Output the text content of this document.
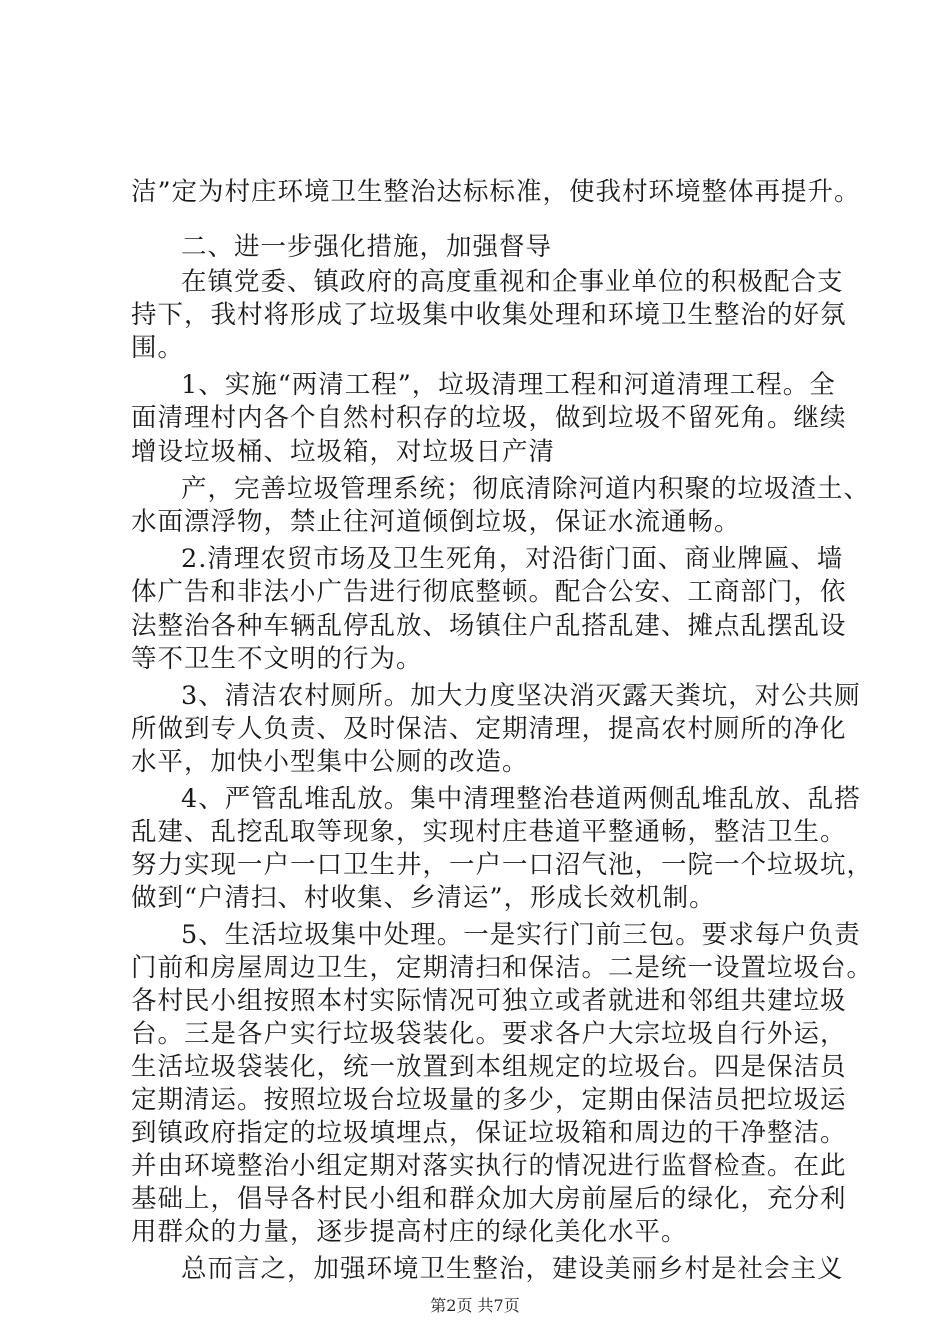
洁”定为村庄环境卫生整治达标标准，使我村环境整体再提升。

二、进一步强化措施，加强督导

在镇党委、镇政府的高度重视和企事业单位的积极配合支

持下，我村将形成了垃圾集中收集处理和环境卫生整治的好氛

围。

1、实施“两清工程”，垃圾清理工程和河道清理工程。全

面清理村内各个自然村积存的垃圾，做到垃圾不留死角。继续

增设垃圾桶、垃圾箱，对垃圾日产清

产，完善垃圾管理系统；彻底清除河道内积聚的垃圾渣土、

水面漂浮物，禁止往河道倾倒垃圾，保证水流通畅。

2.清理农贸市场及卫生死角，对沿街门面、商业牌匾、墙

体广告和非法小广告进行彻底整顿。配合公安、工商部门，依

法整治各种车辆乱停乱放、场镇住户乱搭乱建、摊点乱摆乱设

等不卫生不文明的行为。

3、清洁农村厕所。加大力度坚决消灭露天粪坑，对公共厕

所做到专人负责、及时保洁、定期清理，提高农村厕所的净化

水平，加快小型集中公厕的改造。

4、严管乱堆乱放。集中清理整治巷道两侧乱堆乱放、乱搭

乱建、乱挖乱取等现象，实现村庄巷道平整通畅，整洁卫生。

努力实现一户一口卫生井，一户一口沼气池，一院一个垃圾坑，

做到“户清扫、村收集、乡清运”，形成长效机制。

5、生活垃圾集中处理。一是实行门前三包。要求每户负责

门前和房屋周边卫生，定期清扫和保洁。二是统一设置垃圾台。

各村民小组按照本村实际情况可独立或者就进和邻组共建垃圾

台。三是各户实行垃圾袋装化。要求各户大宗垃圾自行外运，

生活垃圾袋装化，统一放置到本组规定的垃圾台。四是保洁员

定期清运。按照垃圾台垃圾量的多少，定期由保洁员把垃圾运

到镇政府指定的垃圾填埋点，保证垃圾箱和周边的干净整洁。

并由环境整治小组定期对落实执行的情况进行监督检查。在此

基础上，倡导各村民小组和群众加大房前屋后的绿化，充分利

用群众的力量，逐步提高村庄的绿化美化水平。

总而言之，加强环境卫生整治，建设美丽乡村是社会主义

第2页 共7页
